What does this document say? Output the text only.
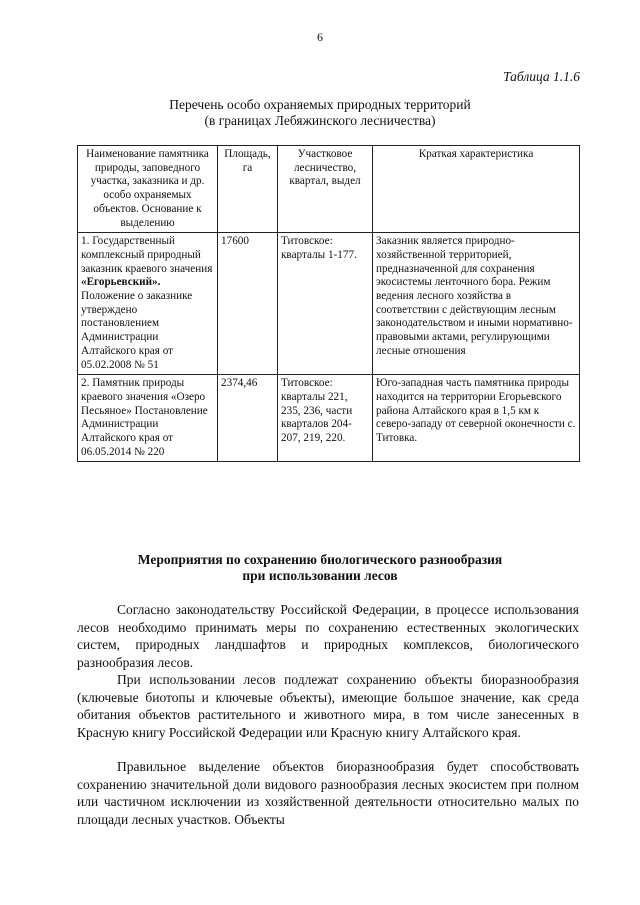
6
Таблица 1.1.6
Перечень особо охраняемых природных территорий
(в границах Лебяжинского лесничества)
Наименование памятника природы, заповедного участка, заказника и др. особо охраняемых объектов. Основание к выделению	Площадь, га	Участковое лесничество, квартал, выдел	Краткая характеристика
1. Государственный комплексный природный заказник краевого значения «Егорьевский». Положение о заказнике утверждено постановлением Администрации Алтайского края от 05.02.2008 № 51	17600	Титовское: кварталы 1-177.	Заказник является природно-хозяйственной территорией, предназначенной для сохранения экосистемы ленточного бора. Режим ведения лесного хозяйства в соответствии с действующим лесным законодательством и иными нормативно-правовыми актами, регулирующими лесные отношения
2. Памятник природы краевого значения «Озеро Песьяное» Постановление Администрации Алтайского края от 06.05.2014 № 220	2374,46	Титовское: кварталы 221, 235, 236, части кварталов 204-207, 219, 220.	Юго-западная часть памятника природы находится на территории Егорьевского района Алтайского края в 1,5 км к северо-западу от северной оконечности с. Титовка.
Мероприятия по сохранению биологического разнообразия
при использовании лесов

Согласно законодательству Российской Федерации, в процессе использования лесов необходимо принимать меры по сохранению естественных экологических систем, природных ландшафтов и природных комплексов, биологического разнообразия лесов.

При использовании лесов подлежат сохранению объекты биоразнообразия (ключевые биотопы и ключевые объекты), имеющие большое значение, как среда обитания объектов растительного и животного мира, в том числе занесенных в Красную книгу Российской Федерации или Красную книгу Алтайского края.

Правильное выделение объектов биоразнообразия будет способствовать сохранению значительной доли видового разнообразия лесных экосистем при полном или частичном исключении из хозяйственной деятельности относительно малых по площади лесных участков. Объекты
